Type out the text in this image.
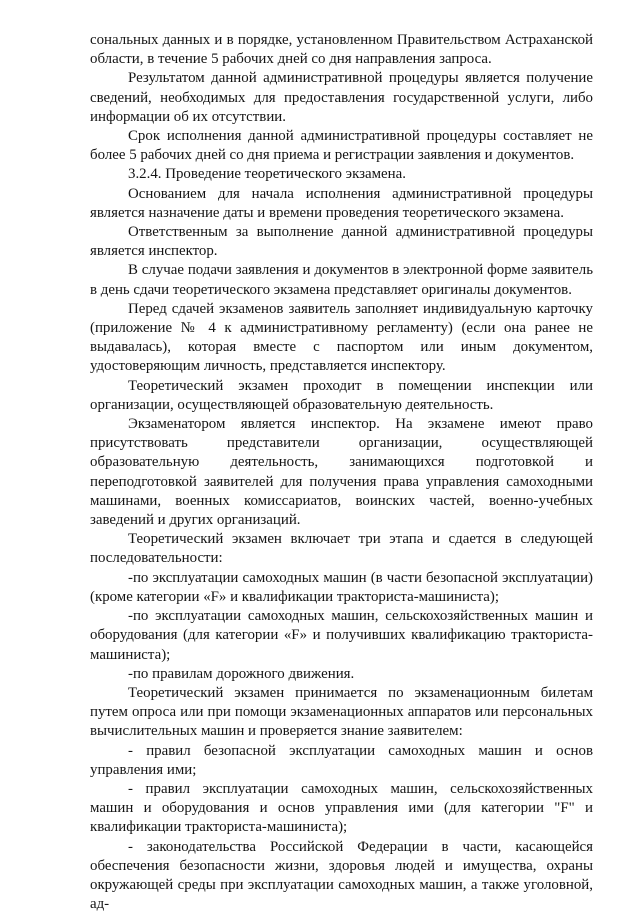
сональных данных и в порядке, установленном Правительством Астраханской области, в течение 5 рабочих дней со дня направления запроса.

Результатом данной административной процедуры является получение сведений, необходимых для предоставления государственной услуги, либо информации об их отсутствии.

Срок исполнения данной административной процедуры составляет не более 5 рабочих дней со дня приема и регистрации заявления и документов.

3.2.4. Проведение теоретического экзамена.

Основанием для начала исполнения административной процедуры является назначение даты и времени проведения теоретического экзамена.

Ответственным за выполнение данной административной процедуры является инспектор.

В случае подачи заявления и документов в электронной форме заявитель в день сдачи теоретического экзамена представляет оригиналы документов.

Перед сдачей экзаменов заявитель заполняет индивидуальную карточку (приложение № 4 к административному регламенту) (если она ранее не выдавалась), которая вместе с паспортом или иным документом, удостоверяющим личность, представляется инспектору.

Теоретический экзамен проходит в помещении инспекции или организации, осуществляющей образовательную деятельность.

Экзаменатором является инспектор. На экзамене имеют право присутствовать представители организации, осуществляющей образовательную деятельность, занимающихся подготовкой и переподготовкой заявителей для получения права управления самоходными машинами, военных комиссариатов, воинских частей, военно-учебных заведений и других организаций.

Теоретический экзамен включает три этапа и сдается в следующей последовательности:

-по эксплуатации самоходных машин (в части безопасной эксплуатации) (кроме категории «F» и квалификации тракториста-машиниста);

-по эксплуатации самоходных машин, сельскохозяйственных машин и оборудования (для категории «F» и получивших квалификацию тракториста-машиниста);

-по правилам дорожного движения.

Теоретический экзамен принимается по экзаменационным билетам путем опроса или при помощи экзаменационных аппаратов или персональных вычислительных машин и проверяется знание заявителем:

- правил безопасной эксплуатации самоходных машин и основ управления ими;

- правил эксплуатации самоходных машин, сельскохозяйственных машин и оборудования и основ управления ими (для категории "F" и квалификации тракториста-машиниста);

- законодательства Российской Федерации в части, касающейся обеспечения безопасности жизни, здоровья людей и имущества, охраны окружающей среды при эксплуатации самоходных машин, а также уголовной, ад-
